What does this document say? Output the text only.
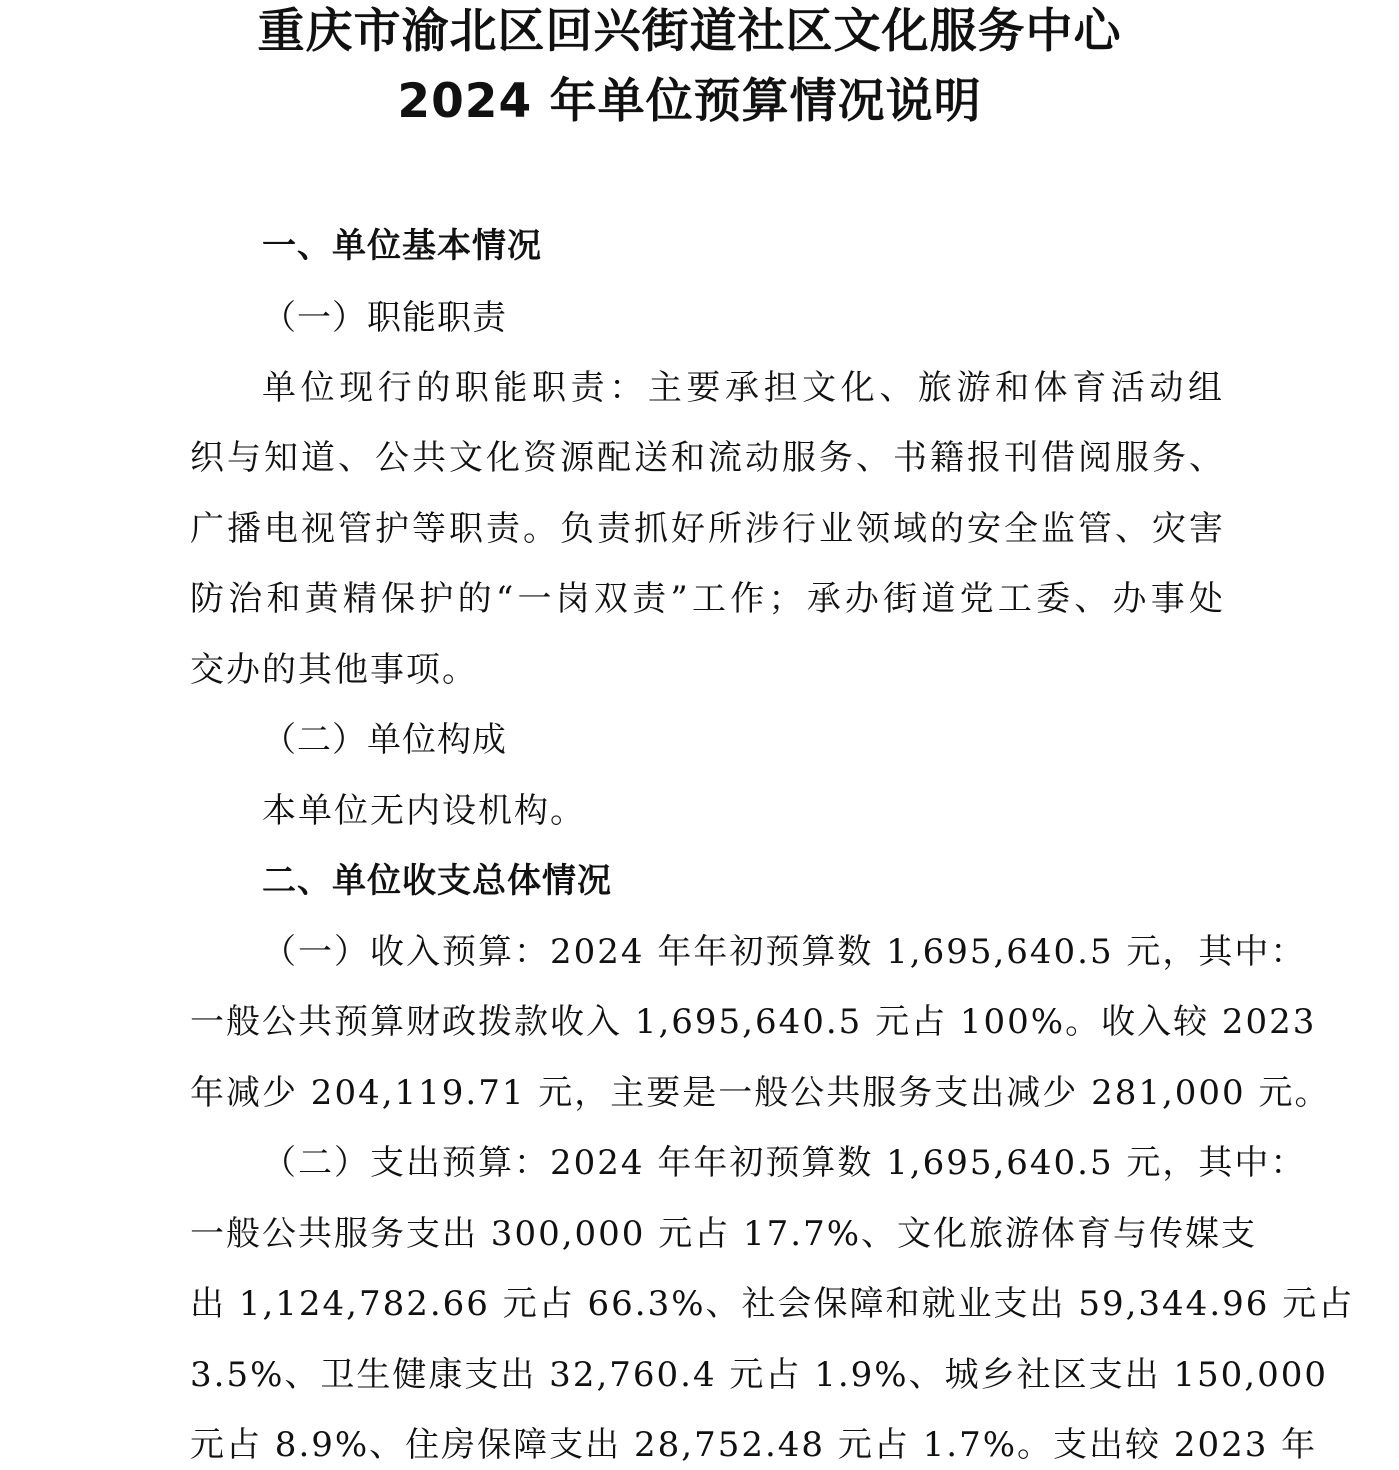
重庆市渝北区回兴街道社区文化服务中心
2024 年单位预算情况说明
一、单位基本情况
（一）职能职责
单位现行的职能职责：主要承担文化、旅游和体育活动组
织与知道、公共文化资源配送和流动服务、书籍报刊借阅服务、
广播电视管护等职责。负责抓好所涉行业领域的安全监管、灾害
防治和黄精保护的“一岗双责”工作；承办街道党工委、办事处
交办的其他事项。
（二）单位构成
本单位无内设机构。
二、单位收支总体情况
（一）收入预算：2024 年年初预算数 1,695,640.5 元，其中：
一般公共预算财政拨款收入 1,695,640.5 元占 100%。收入较 2023
年减少 204,119.71 元，主要是一般公共服务支出减少 281,000 元。
（二）支出预算：2024 年年初预算数 1,695,640.5 元，其中：
一般公共服务支出 300,000 元占 17.7%、文化旅游体育与传媒支
出 1,124,782.66 元占 66.3%、社会保障和就业支出 59,344.96 元占
3.5%、卫生健康支出 32,760.4 元占 1.9%、城乡社区支出 150,000
元占 8.9%、住房保障支出 28,752.48 元占 1.7%。支出较 2023 年
